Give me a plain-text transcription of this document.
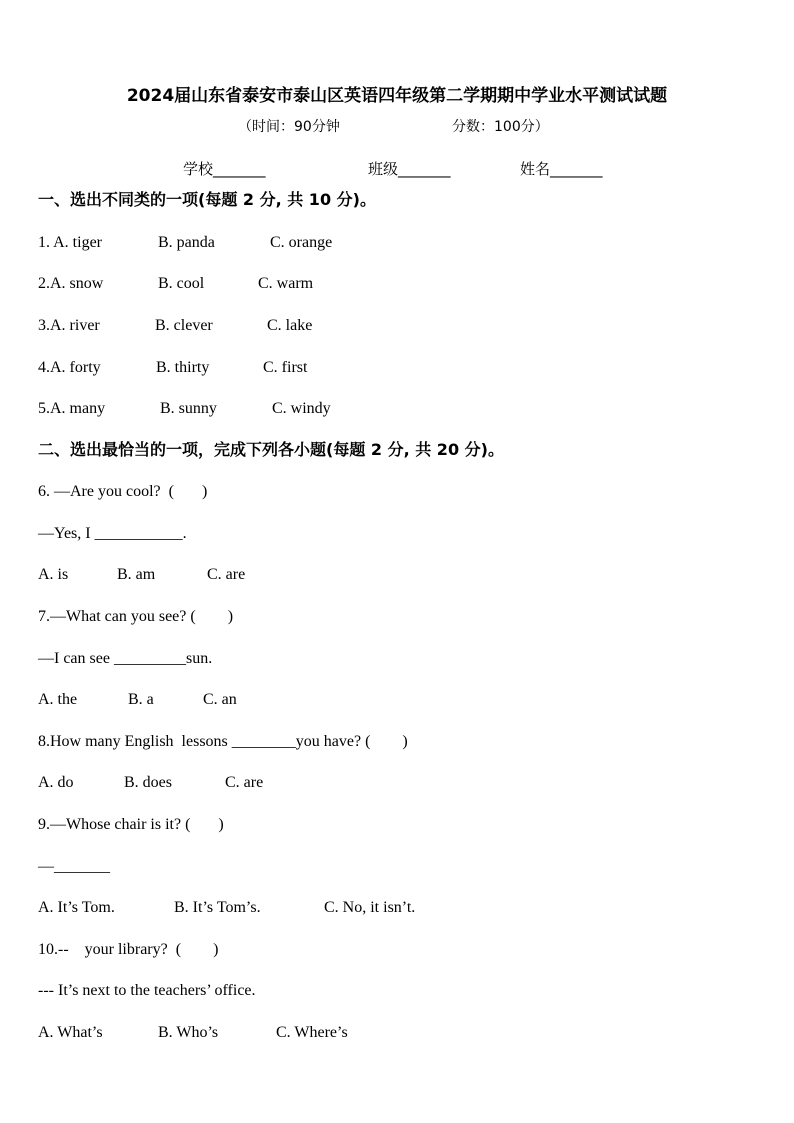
2024届山东省泰安市泰山区英语四年级第二学期期中学业水平测试试题
（时间：90分钟	分数：100分）
学校_______	班级_______	姓名_______
一、选出不同类的一项(每题 2 分, 共 10 分)。
1. A. tiger	B. panda	C. orange
2.A. snow	B. cool	C. warm
3.A. river	B. clever	C. lake
4.A. forty	B. thirty	C. first
5.A. many	B. sunny	C. windy
二、选出最恰当的一项，完成下列各小题(每题 2 分, 共 20 分)。
6. —Are you cool?  (       )
—Yes, I ___________.
A. is	B. am	C. are
7.—What can you see? (        )
—I can see _________sun.
A. the	B. a	C. an
8.How many English  lessons ________you have? (        )
A. do	B. does	C. are
9.—Whose chair is it? (       )
—_______
A. It’s Tom.	B. It’s Tom’s.	C. No, it isn’t.
10.--    your library?  (        )
--- It’s next to the teachers’ office.
A. What’s	B. Who’s	C. Where’s
